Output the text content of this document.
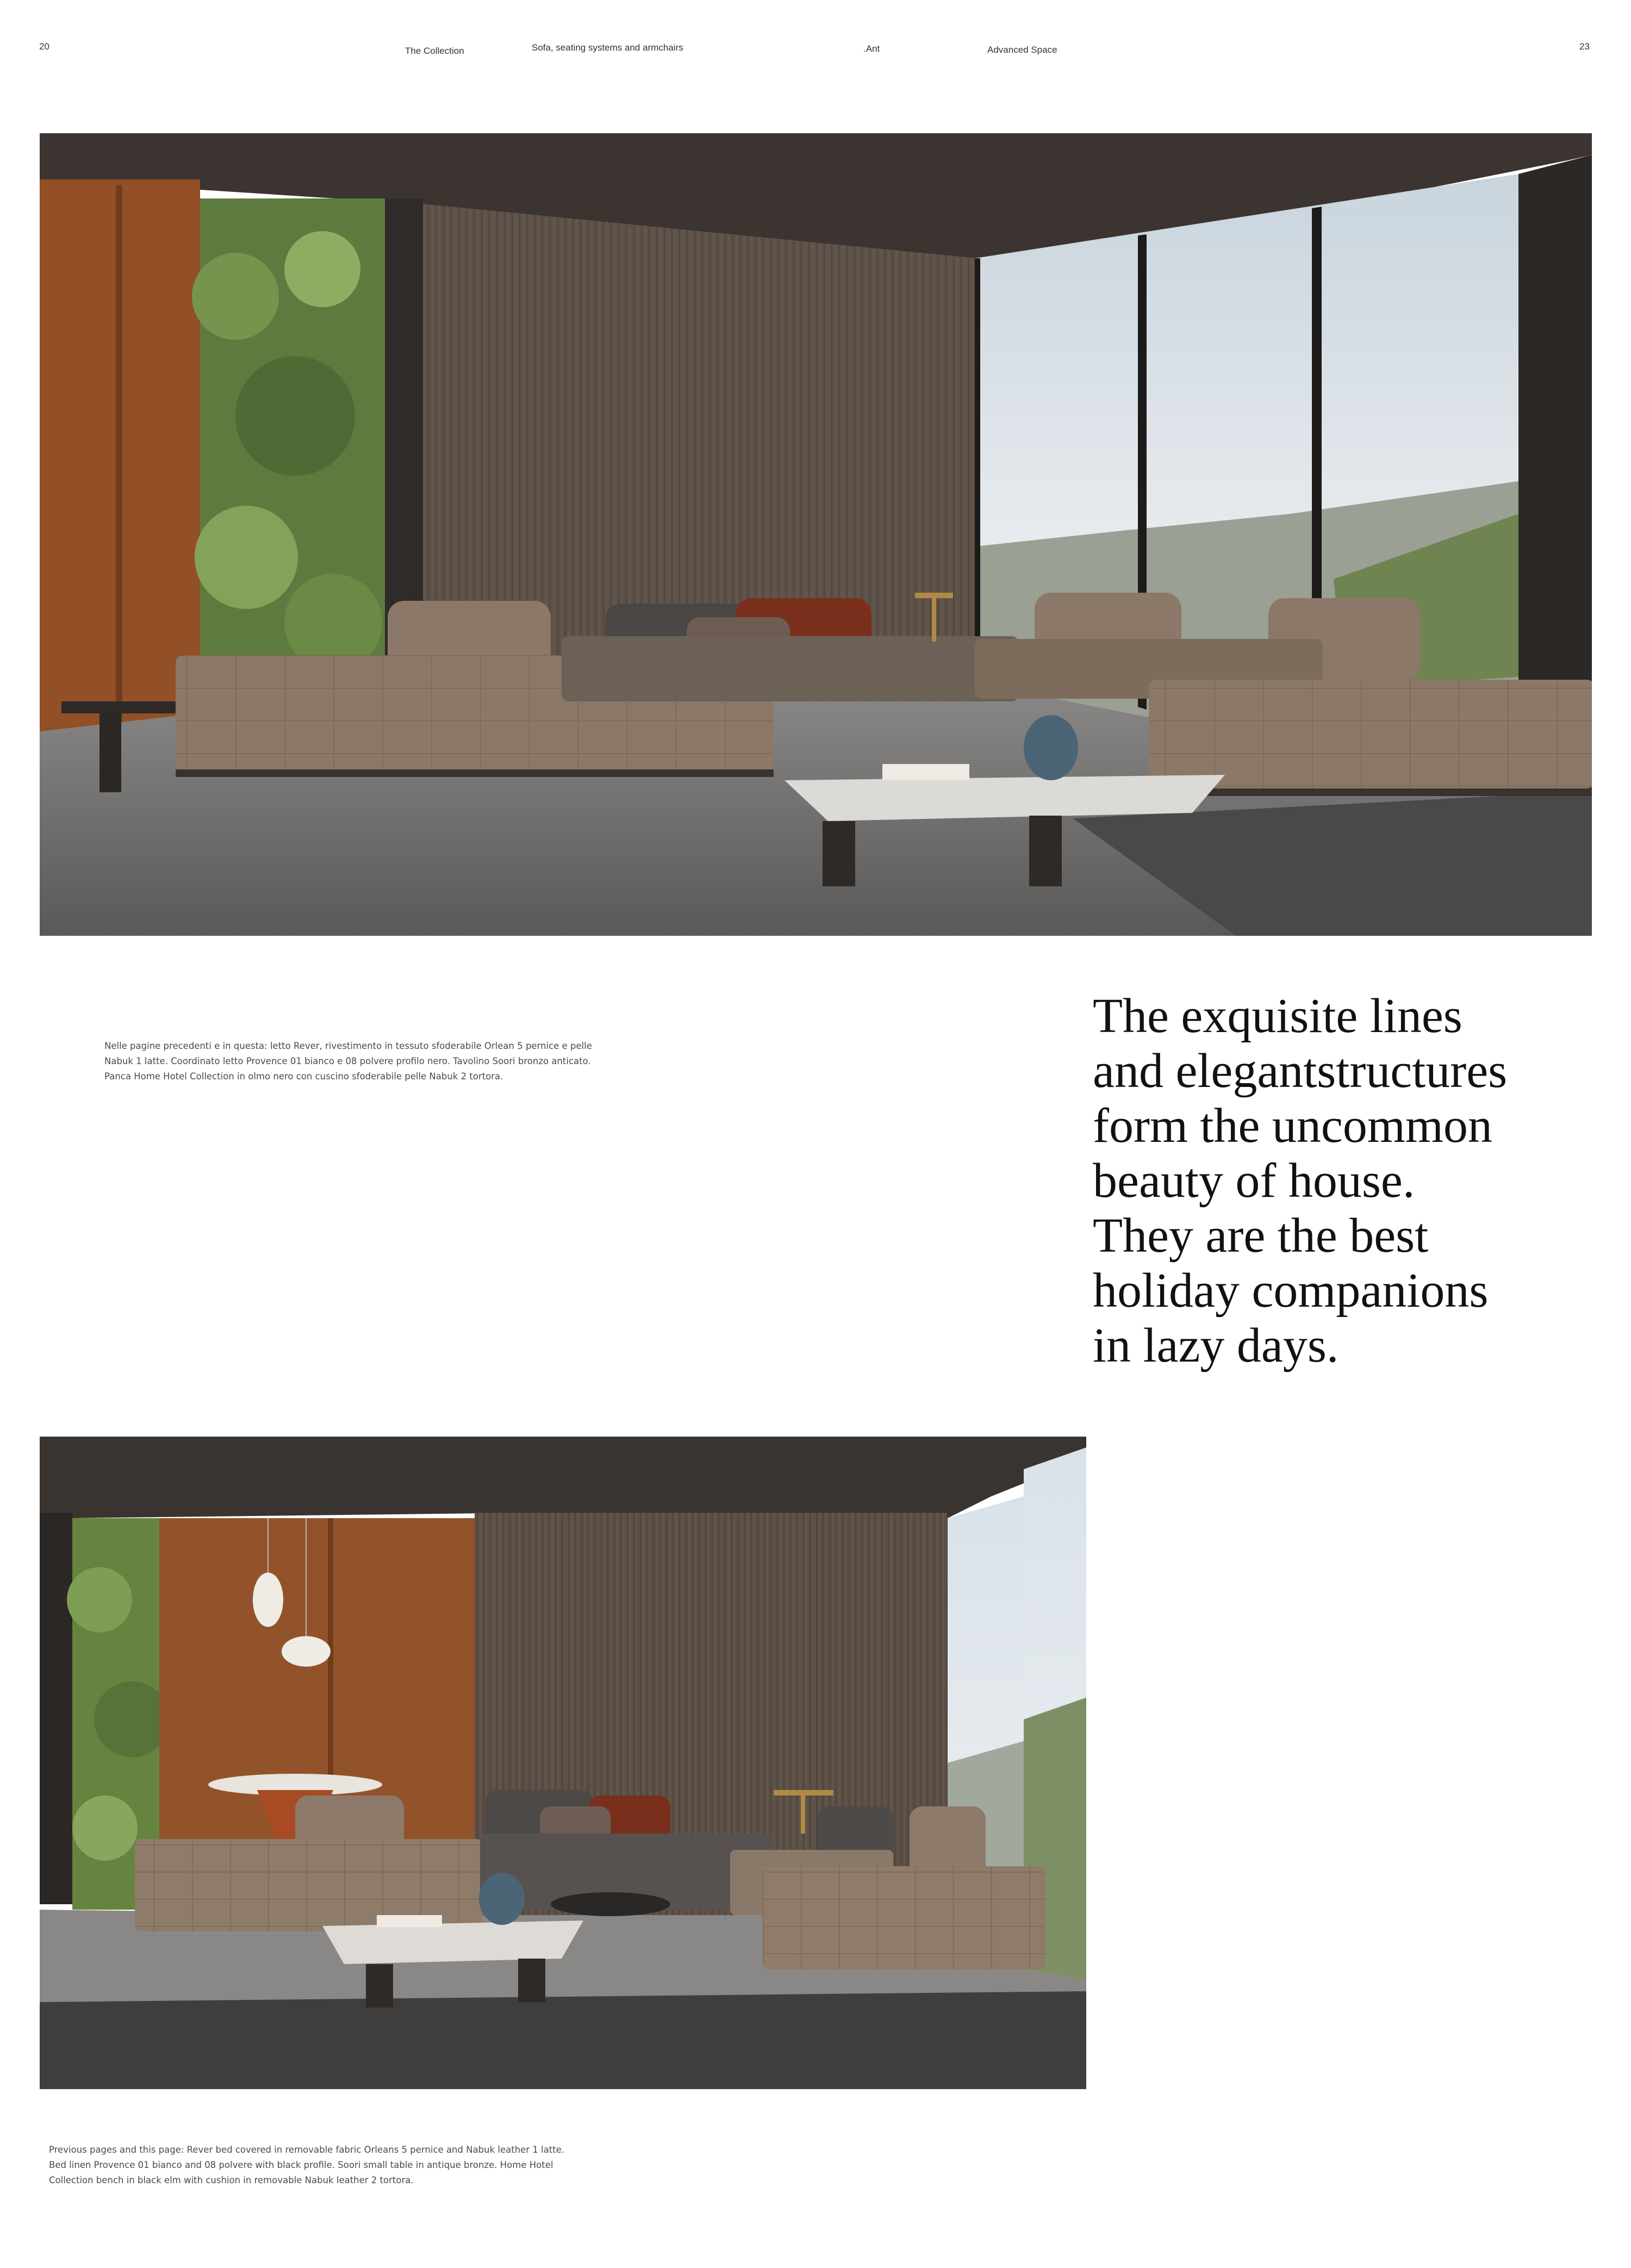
20	The Collection	Sofa, seating systems and armchairs	.Ant	Advanced Space	23
Nelle pagine precedenti e in questa: letto Rever, rivestimento in tessuto sfoderabile Orlean 5 pernice e pelle
Nabuk 1 latte. Coordinato letto Provence 01 bianco e 08 polvere profilo nero. Tavolino Soori bronzo anticato.
Panca Home Hotel Collection in olmo nero con cuscino sfoderabile pelle Nabuk 2 tortora.
The exquisite lines
and elegantstructures
form the uncommon
beauty of house.
They are the best
holiday companions
in lazy days.
Previous pages and this page: Rever bed covered in removable fabric Orleans 5 pernice and Nabuk leather 1 latte.
Bed linen Provence 01 bianco and 08 polvere with black profile. Soori small table in antique bronze. Home Hotel
Collection bench in black elm with cushion in removable Nabuk leather 2 tortora.
